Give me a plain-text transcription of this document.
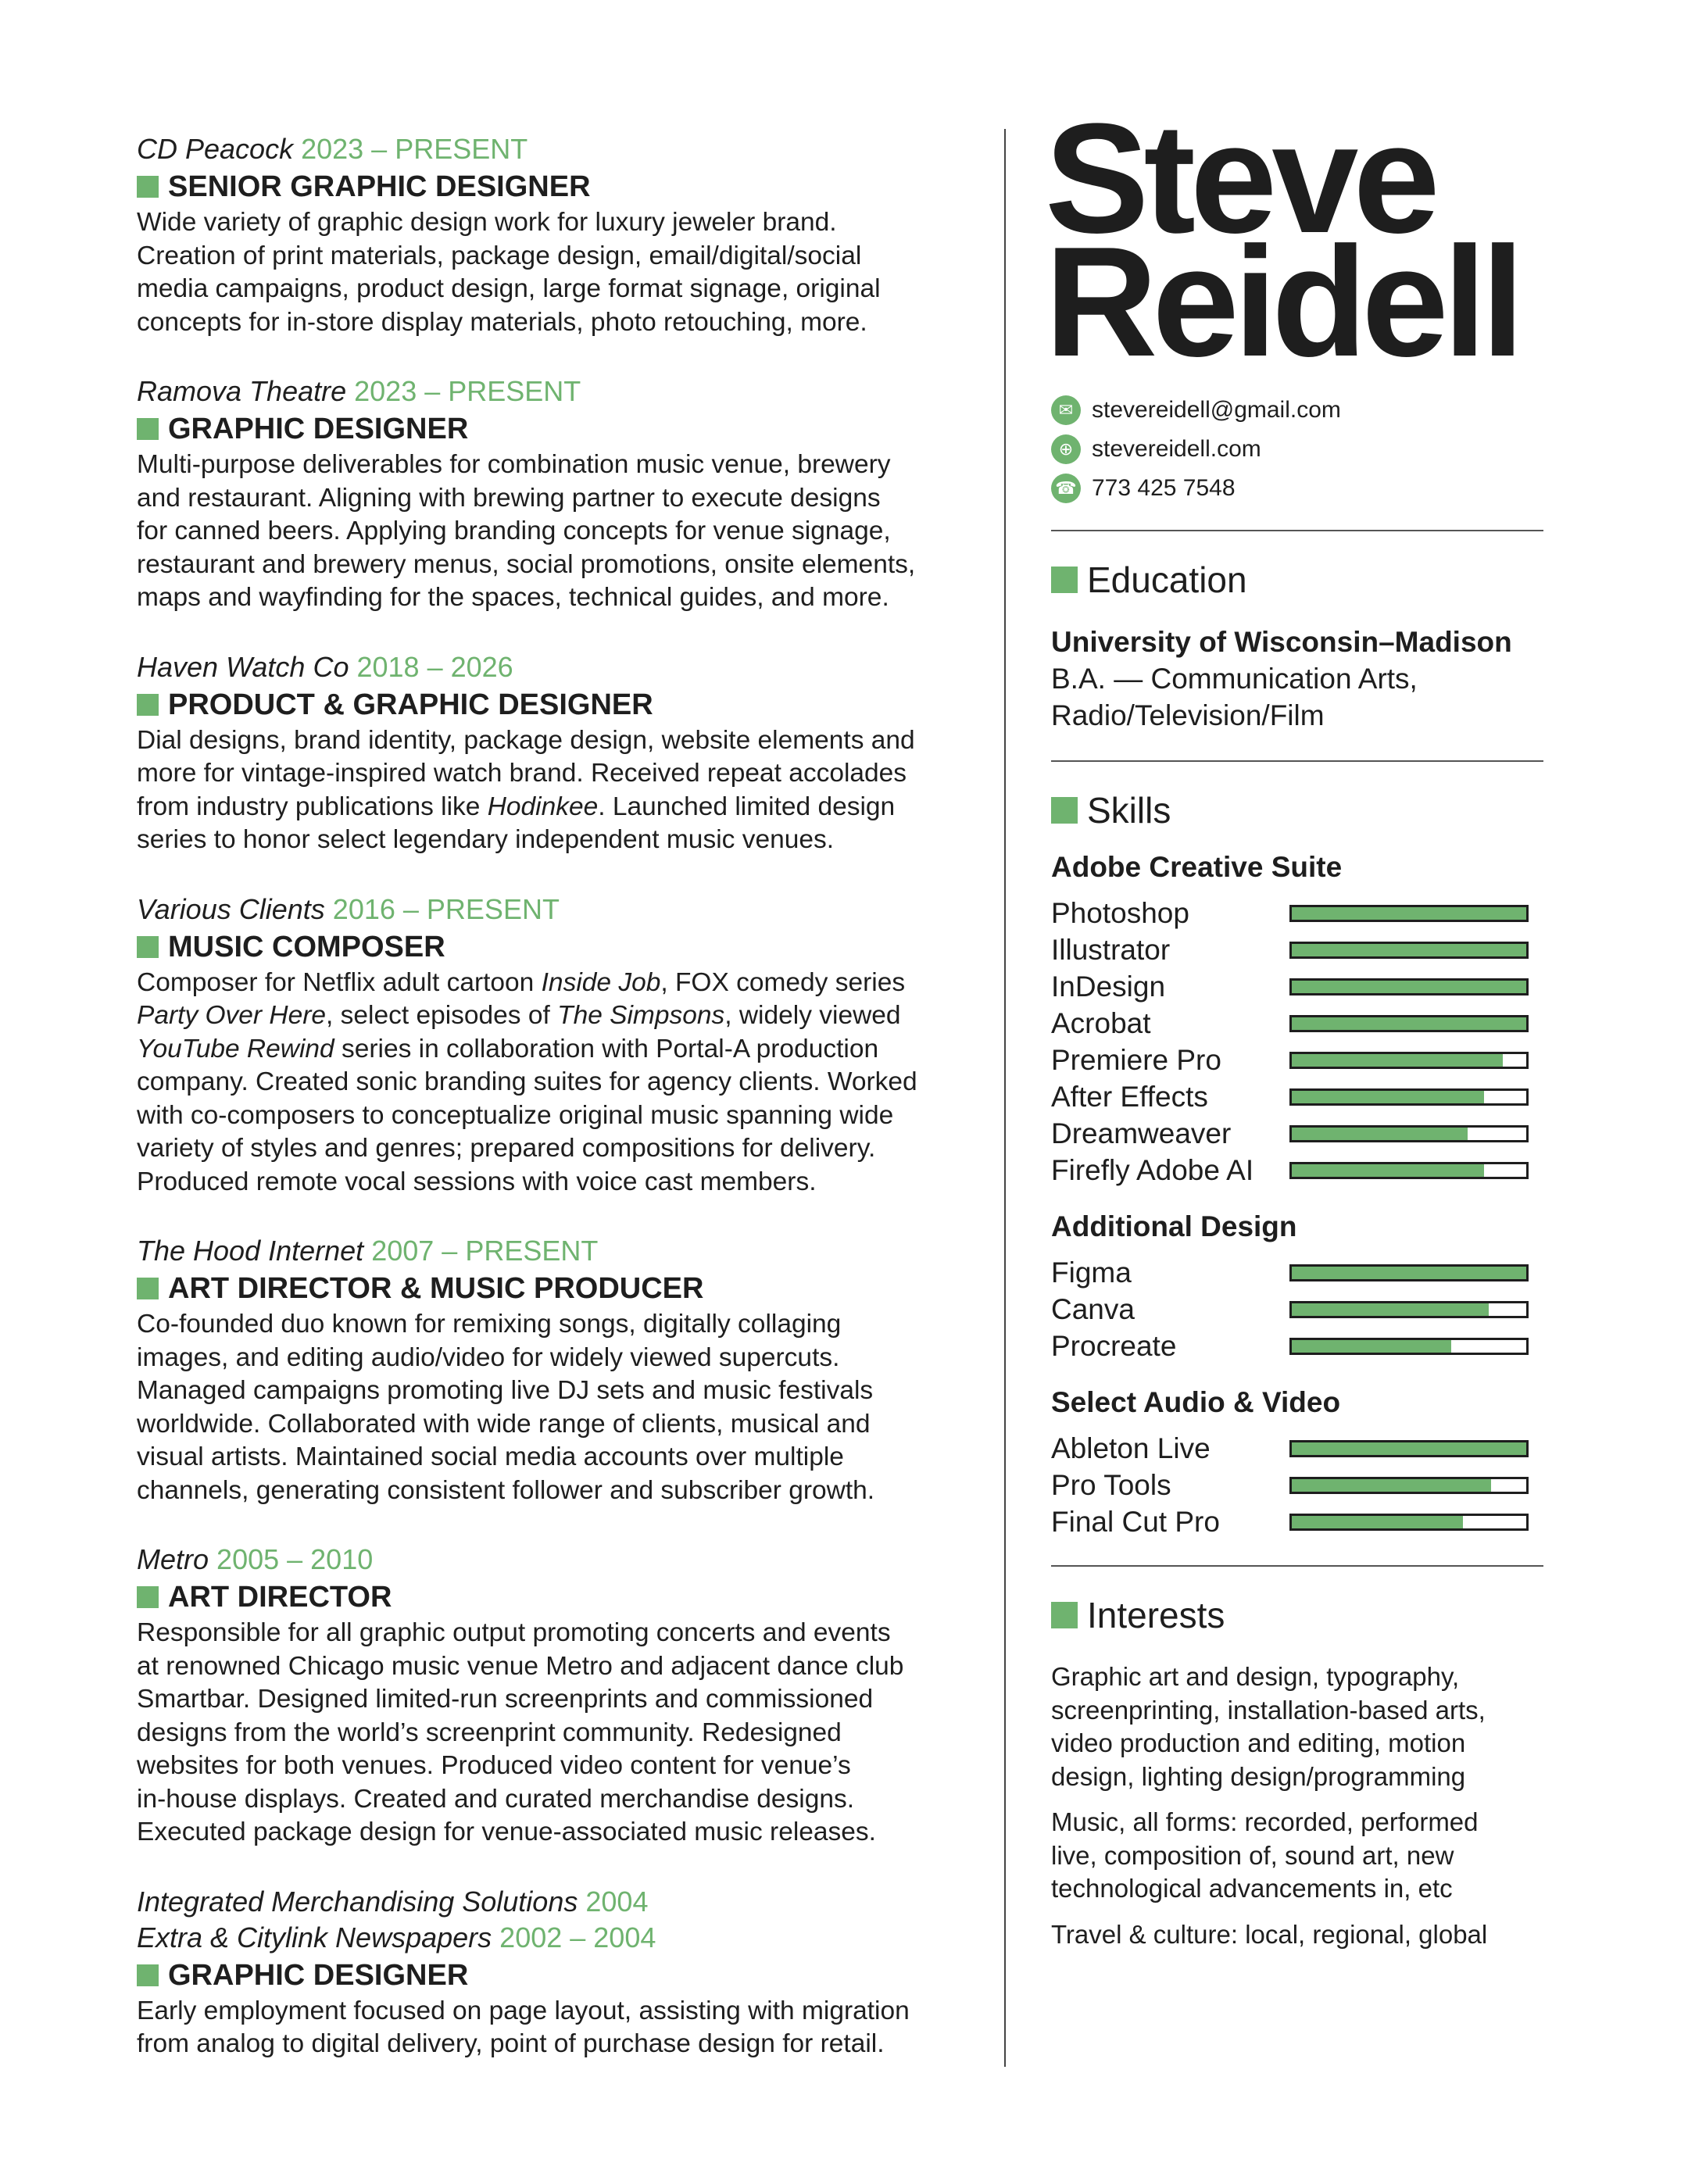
CD Peacock 2023 – PRESENT
SENIOR GRAPHIC DESIGNER
Wide variety of graphic design work for luxury jeweler brand.
Creation of print materials, package design, email/digital/social
media campaigns, product design, large format signage, original
concepts for in-store display materials, photo retouching, more.
Ramova Theatre 2023 – PRESENT
GRAPHIC DESIGNER
Multi-purpose deliverables for combination music venue, brewery
and restaurant. Aligning with brewing partner to execute designs
for canned beers. Applying branding concepts for venue signage,
restaurant and brewery menus, social promotions, onsite elements,
maps and wayfinding for the spaces, technical guides, and more.
Haven Watch Co 2018 – 2026
PRODUCT & GRAPHIC DESIGNER
Dial designs, brand identity, package design, website elements and
more for vintage-inspired watch brand. Received repeat accolades
from industry publications like Hodinkee. Launched limited design
series to honor select legendary independent music venues.
Various Clients 2016 – PRESENT
MUSIC COMPOSER
Composer for Netflix adult cartoon Inside Job, FOX comedy series
Party Over Here, select episodes of The Simpsons, widely viewed
YouTube Rewind series in collaboration with Portal-A production
company. Created sonic branding suites for agency clients. Worked
with co-composers to conceptualize original music spanning wide
variety of styles and genres; prepared compositions for delivery.
Produced remote vocal sessions with voice cast members.
The Hood Internet 2007 – PRESENT
ART DIRECTOR & MUSIC PRODUCER
Co-founded duo known for remixing songs, digitally collaging
images, and editing audio/video for widely viewed supercuts.
Managed campaigns promoting live DJ sets and music festivals
worldwide. Collaborated with wide range of clients, musical and
visual artists. Maintained social media accounts over multiple
channels, generating consistent follower and subscriber growth.
Metro 2005 – 2010
ART DIRECTOR
Responsible for all graphic output promoting concerts and events
at renowned Chicago music venue Metro and adjacent dance club
Smartbar. Designed limited-run screenprints and commissioned
designs from the world’s screenprint community. Redesigned
websites for both venues. Produced video content for venue’s
in-house displays. Created and curated merchandise designs.
Executed package design for venue-associated music releases.
Integrated Merchandising Solutions 2004
Extra & Citylink Newspapers 2002 – 2004
GRAPHIC DESIGNER
Early employment focused on page layout, assisting with migration
from analog to digital delivery, point of purchase design for retail.
Steve
Reidell
✉ stevereidell@gmail.com
⊕ stevereidell.com
☎ 773 425 7548
Education
University of Wisconsin–Madison
B.A. — Communication Arts,
Radio/Television/Film
Skills
Adobe Creative Suite
Photoshop
Illustrator
InDesign
Acrobat
Premiere Pro
After Effects
Dreamweaver
Firefly Adobe AI
Additional Design
Figma
Canva
Procreate
Select Audio & Video
Ableton Live
Pro Tools
Final Cut Pro
Interests
Graphic art and design, typography,
screenprinting, installation-based arts,
video production and editing, motion
design, lighting design/programming
Music, all forms: recorded, performed
live, composition of, sound art, new
technological advancements in, etc
Travel & culture: local, regional, global
